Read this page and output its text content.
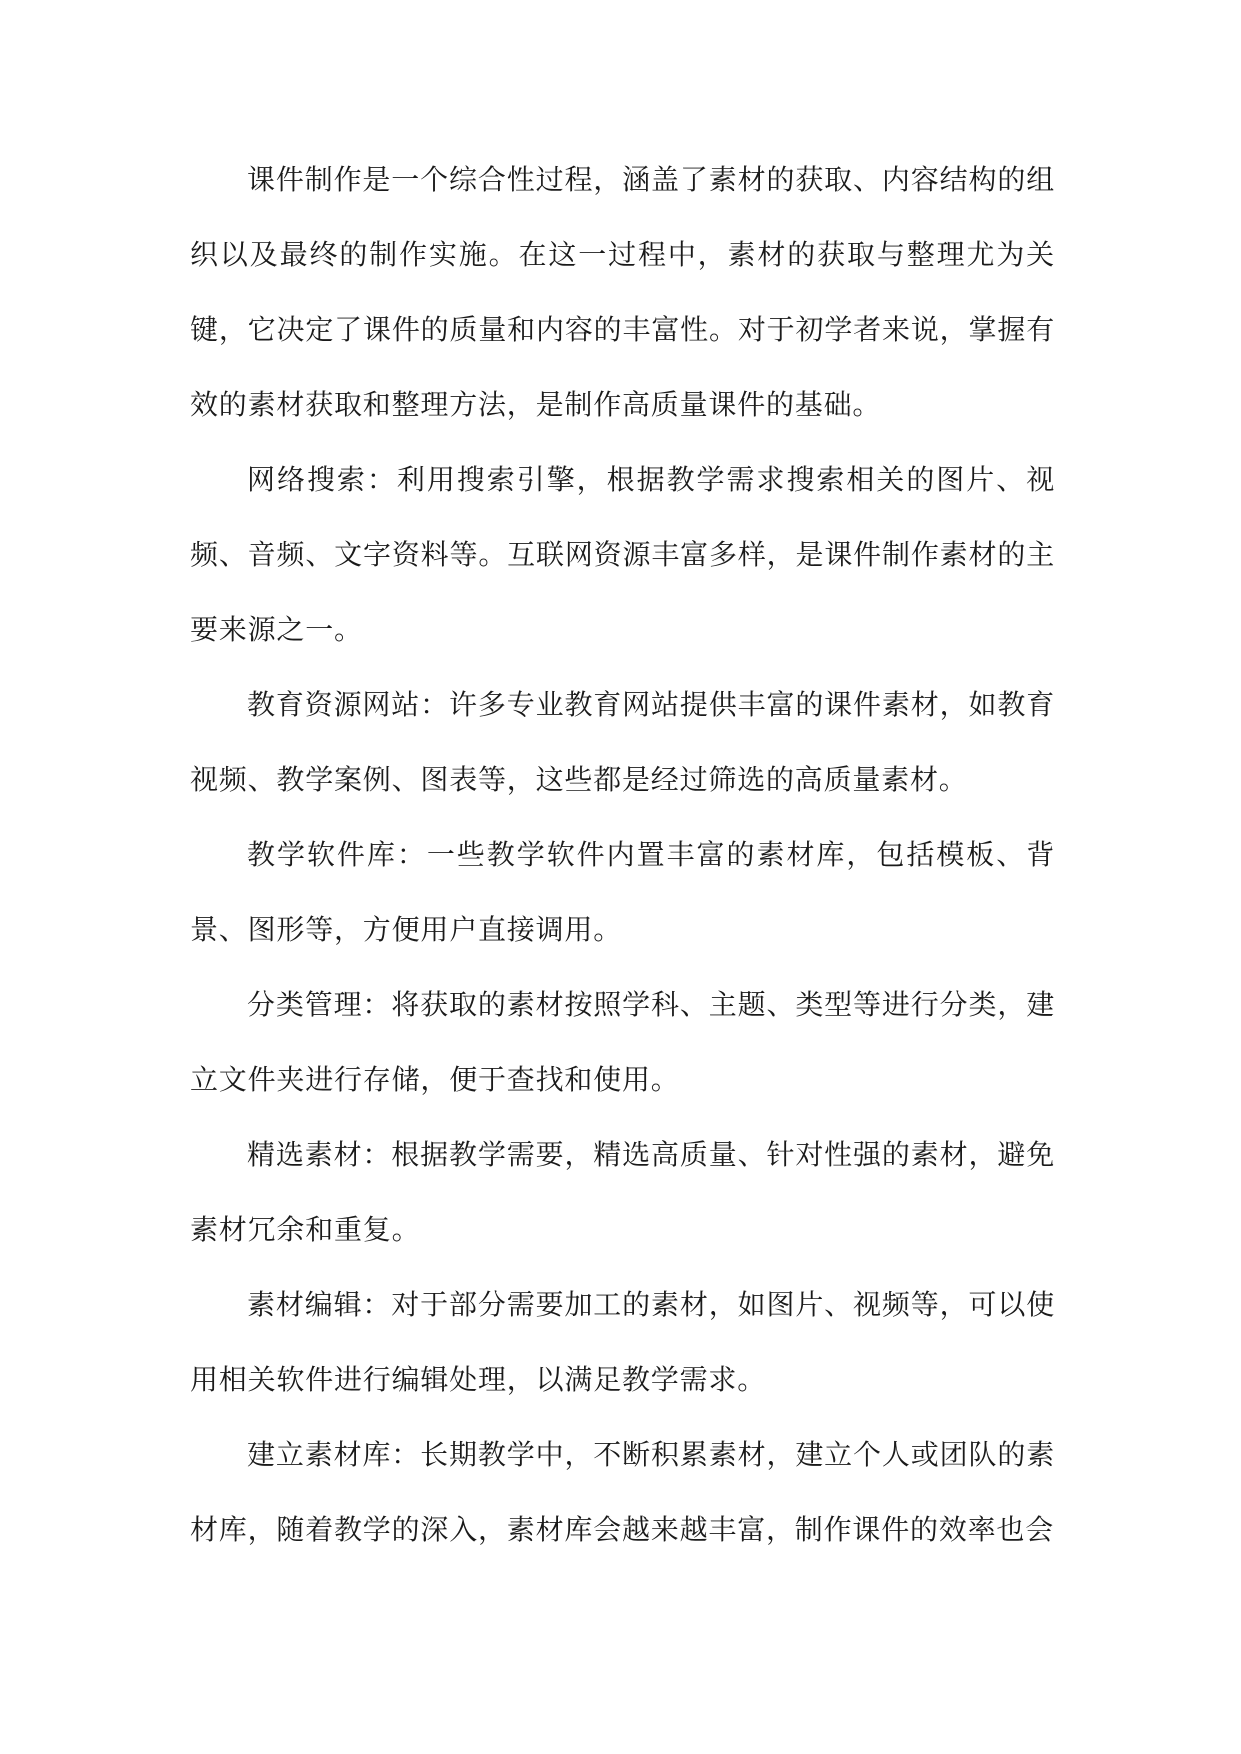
课件制作是一个综合性过程，涵盖了素材的获取、内容结构的组织以及最终的制作实施。在这一过程中，素材的获取与整理尤为关键，它决定了课件的质量和内容的丰富性。对于初学者来说，掌握有效的素材获取和整理方法，是制作高质量课件的基础。

网络搜索：利用搜索引擎，根据教学需求搜索相关的图片、视频、音频、文字资料等。互联网资源丰富多样，是课件制作素材的主要来源之一。

教育资源网站：许多专业教育网站提供丰富的课件素材，如教育视频、教学案例、图表等，这些都是经过筛选的高质量素材。

教学软件库：一些教学软件内置丰富的素材库，包括模板、背景、图形等，方便用户直接调用。

分类管理：将获取的素材按照学科、主题、类型等进行分类，建立文件夹进行存储，便于查找和使用。

精选素材：根据教学需要，精选高质量、针对性强的素材，避免素材冗余和重复。

素材编辑：对于部分需要加工的素材，如图片、视频等，可以使用相关软件进行编辑处理，以满足教学需求。

建立素材库：长期教学中，不断积累素材，建立个人或团队的素材库，随着教学的深入，素材库会越来越丰富，制作课件的效率也会
